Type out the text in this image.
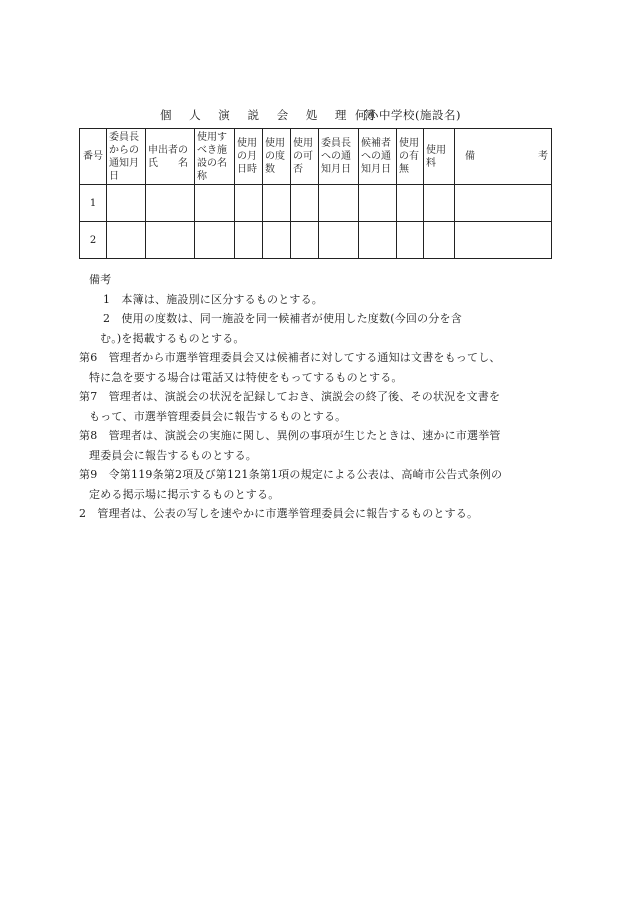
個 人 演 説 会 処 理 簿
何小中学校(施設名)
番号	委員長
からの
通知月
日	申出者の
氏　　名	使用す
べき施
設の名
称	使用
の月
日時	使用
の度
数	使用
の可
否	委員長
への通
知月日	候補者
への通
知月日	使用
の有
無	使用
料	備 考

1											
2											
備考
1　本簿は、施設別に区分するものとする。
2　使用の度数は、同一施設を同一候補者が使用した度数(今回の分を含
む。)を掲載するものとする。
第6　管理者から市選挙管理委員会又は候補者に対してする通知は文書をもってし、
特に急を要する場合は電話又は特使をもってするものとする。
第7　管理者は、演説会の状況を記録しておき、演説会の終了後、その状況を文書を
もって、市選挙管理委員会に報告するものとする。
第8　管理者は、演説会の実施に関し、異例の事項が生じたときは、速かに市選挙管
理委員会に報告するものとする。
第9　令第119条第2項及び第121条第1項の規定による公表は、高崎市公告式条例の
定める掲示場に掲示するものとする。
2　管理者は、公表の写しを速やかに市選挙管理委員会に報告するものとする。
